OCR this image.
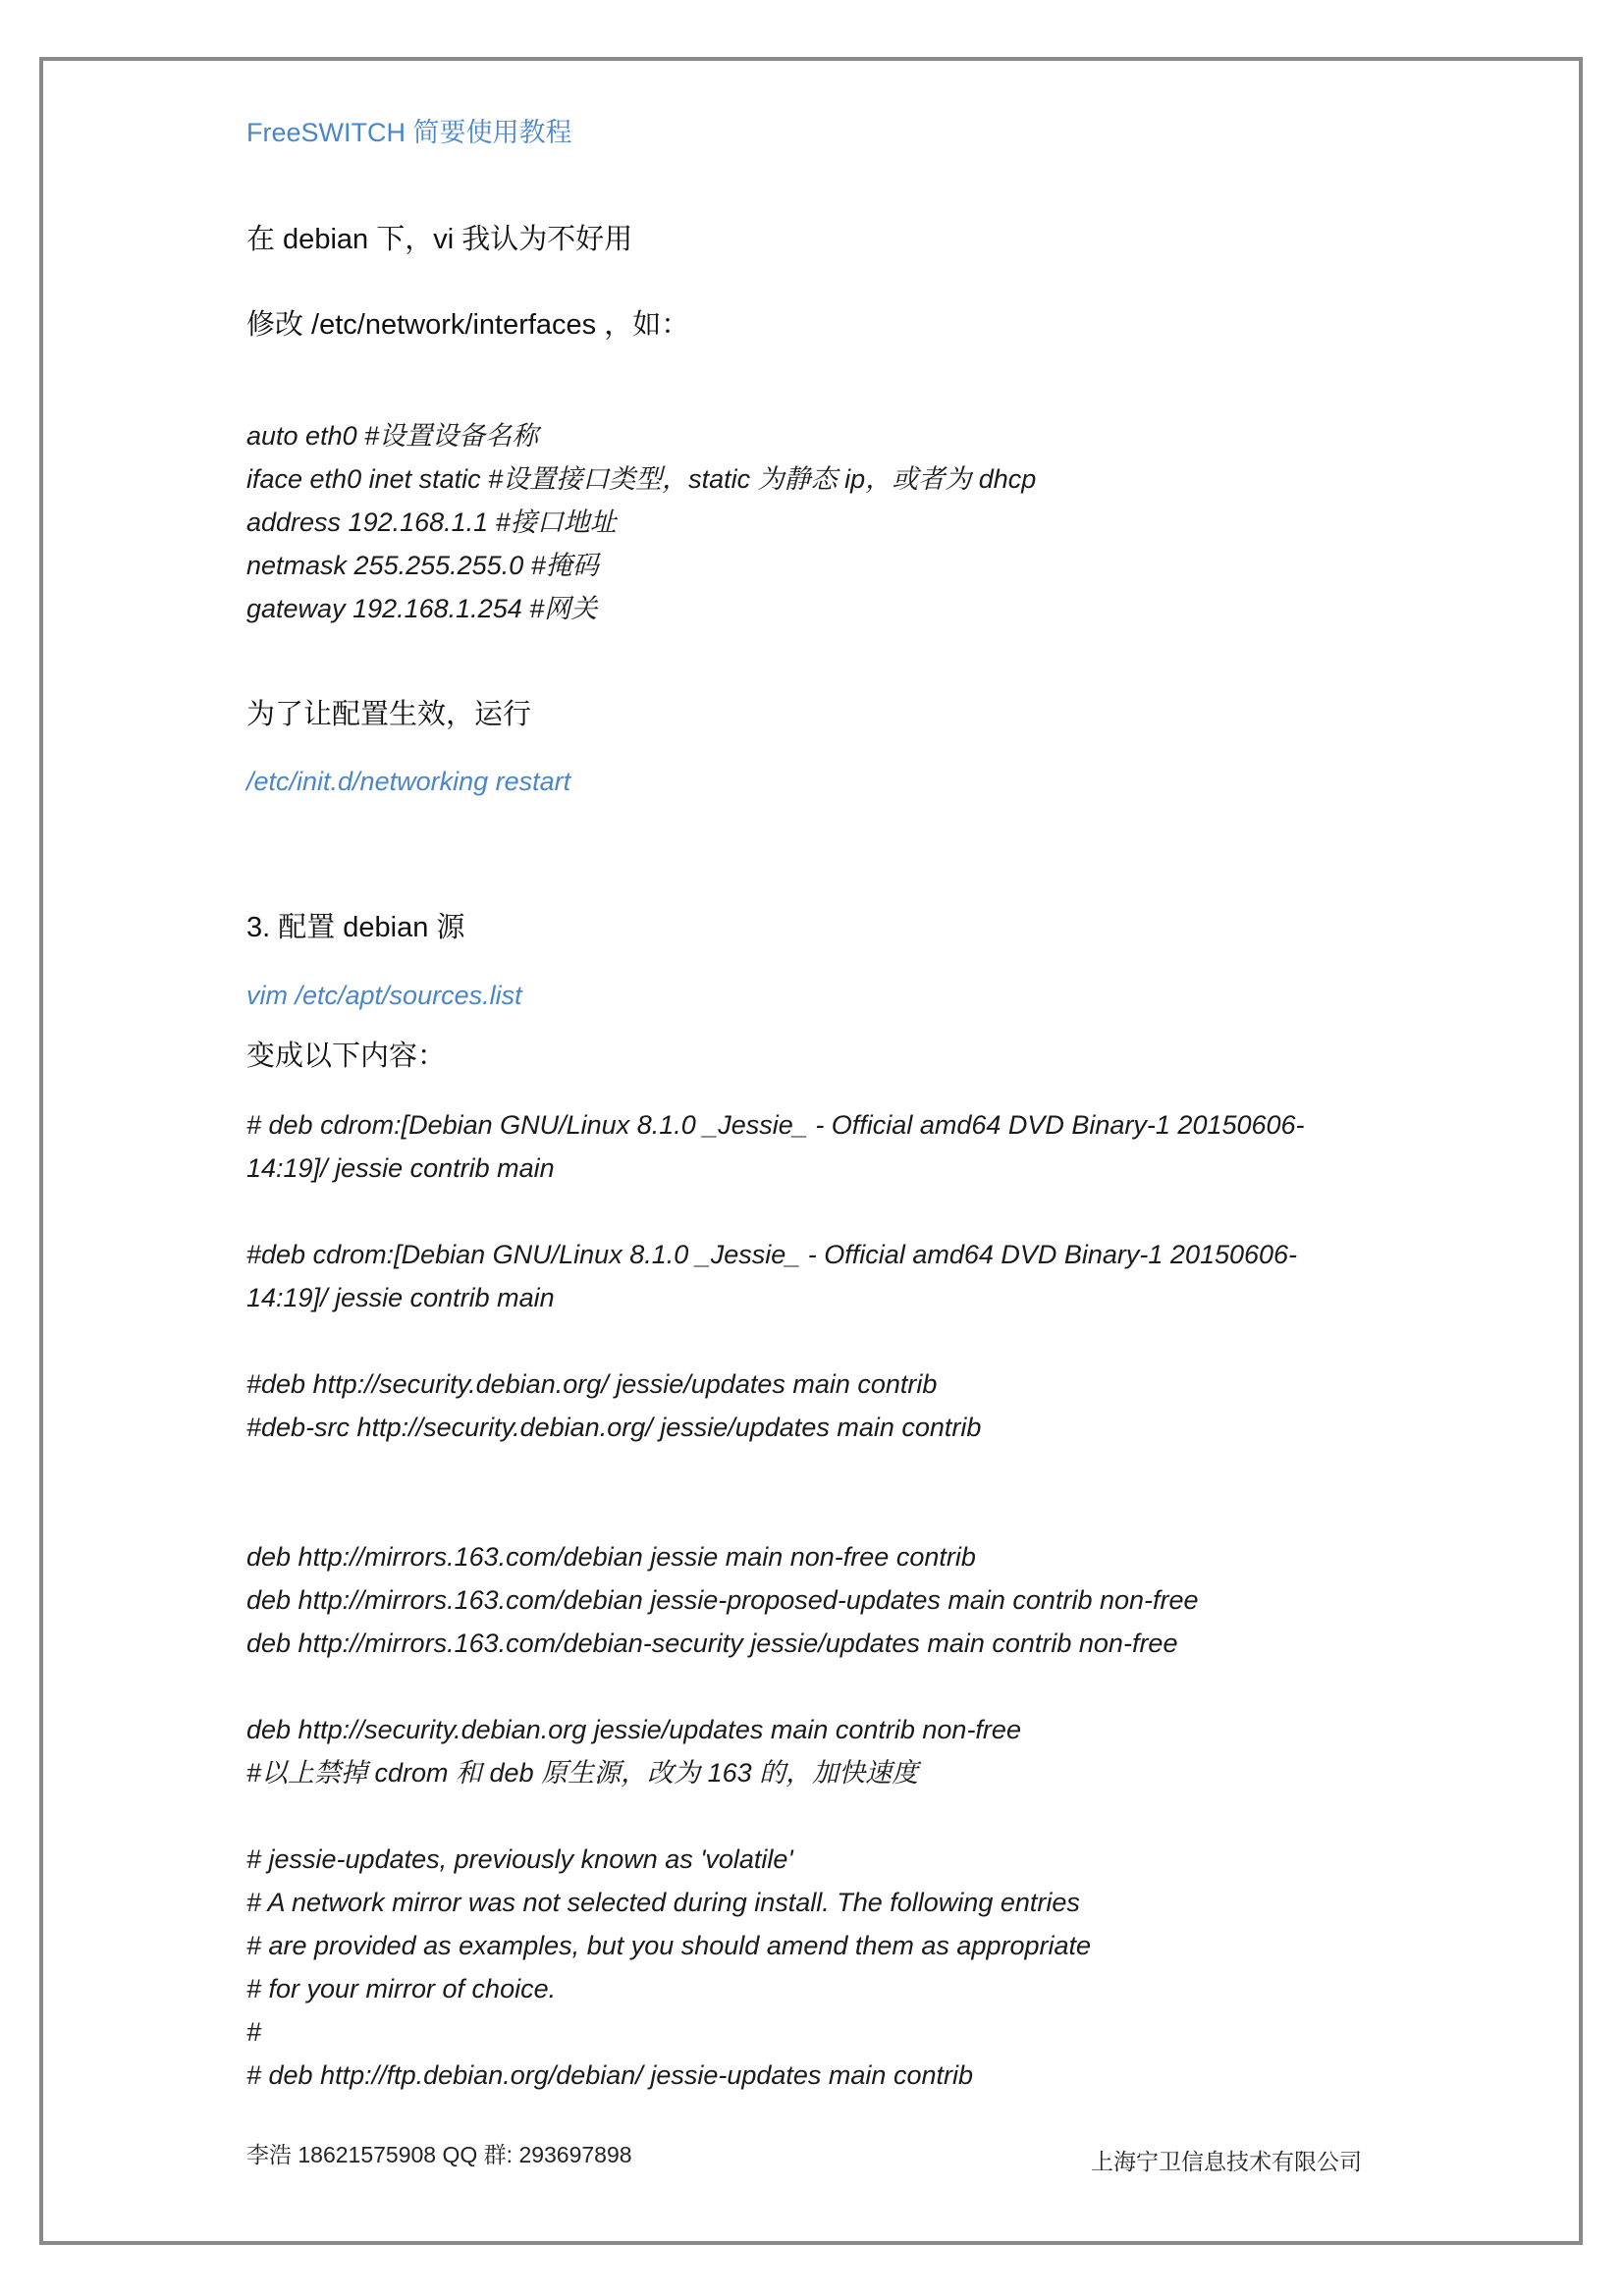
FreeSWITCH 简要使用教程
在 debian 下，vi 我认为不好用
修改 /etc/network/interfaces ，如：
auto eth0 #设置设备名称
iface eth0 inet static #设置接口类型，static 为静态 ip，或者为 dhcp
address 192.168.1.1 #接口地址
netmask 255.255.255.0 #掩码
gateway 192.168.1.254 #网关
为了让配置生效，运行
/etc/init.d/networking restart
3. 配置 debian 源
vim /etc/apt/sources.list
变成以下内容：
# deb cdrom:[Debian GNU/Linux 8.1.0 _Jessie_ - Official amd64 DVD Binary-1 20150606-
14:19]/ jessie contrib main
#deb cdrom:[Debian GNU/Linux 8.1.0 _Jessie_ - Official amd64 DVD Binary-1 20150606-
14:19]/ jessie contrib main
#deb http://security.debian.org/ jessie/updates main contrib
#deb-src http://security.debian.org/ jessie/updates main contrib
deb http://mirrors.163.com/debian jessie main non-free contrib
deb http://mirrors.163.com/debian jessie-proposed-updates main contrib non-free
deb http://mirrors.163.com/debian-security jessie/updates main contrib non-free
deb http://security.debian.org jessie/updates main contrib non-free
#以上禁掉 cdrom 和 deb 原生源，改为 163 的，加快速度
# jessie-updates, previously known as 'volatile'
# A network mirror was not selected during install. The following entries
# are provided as examples, but you should amend them as appropriate
# for your mirror of choice.
#
# deb http://ftp.debian.org/debian/ jessie-updates main contrib
李浩 18621575908 QQ 群: 293697898	上海宁卫信息技术有限公司
